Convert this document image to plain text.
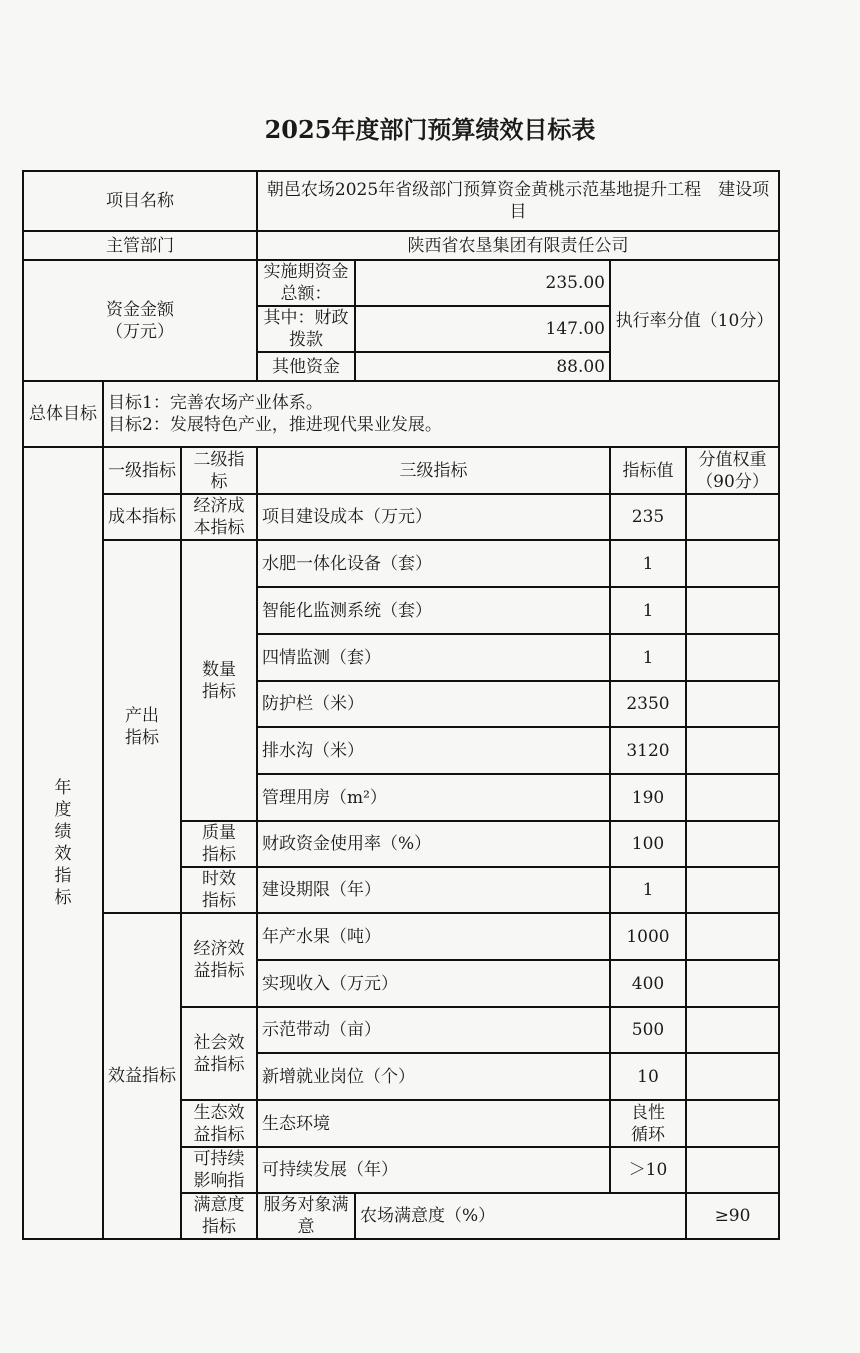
2025年度部门预算绩效目标表
项目名称			朝邑农场2025年省级部门预算资金黄桃示范基地提升工程　建设项目				
主管部门			陕西省农垦集团有限责任公司				
资金金额
（万元）			实施期资金总额：	235.00	执行率分值（10分）		
			其中：财政拨款	147.00			
			其他资金	88.00			
总体目标	目标1：完善农场产业体系。
目标2：发展特色产业，推进现代果业发展。						

年度绩效指标	一级指标	二级指标	三级指标		指标值	分值权重（90分）	
	成本指标	经济成本指标	项目建设成本（万元）		235		
	产出指标	数量指标	水肥一体化设备（套）		1		
			智能化监测系统（套）		1		
			四情监测（套）		1		
			防护栏（米）		2350		
			排水沟（米）		3120		
			管理用房（m²）		190		
		质量指标	财政资金使用率（%）		100		
		时效指标	建设期限（年）		1		
	效益指标	经济效益指标	年产水果（吨）		1000		
			实现收入（万元）		400		
		社会效益指标	示范带动（亩）		500		
			新增就业岗位（个）		10		
		生态效益指标	生态环境		良性循环		
		可持续影响指	可持续发展（年）		＞10		
		满意度指标	服务对象满意	农场满意度（%）		≥90	
